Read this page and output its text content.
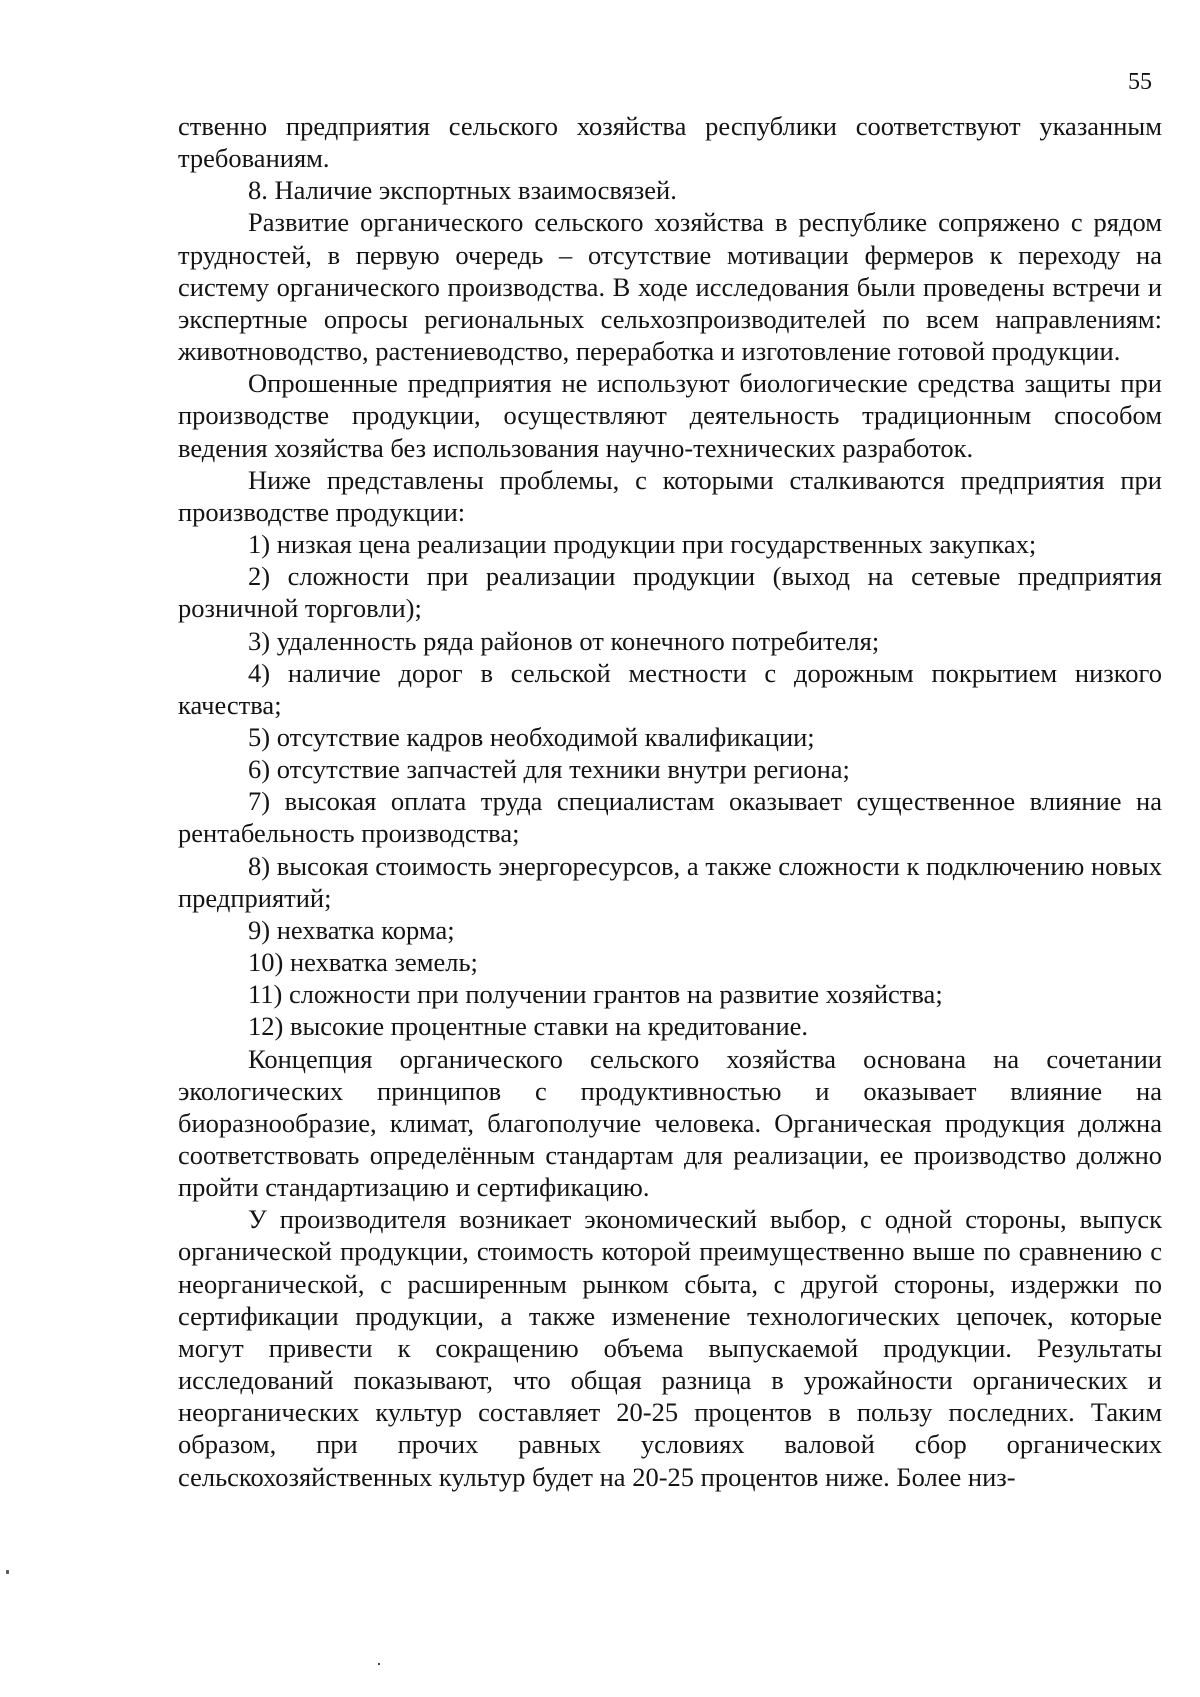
55

ственно предприятия сельского хозяйства республики соответствуют указанным требованиям.

8. Наличие экспортных взаимосвязей.

Развитие органического сельского хозяйства в республике сопряжено с рядом трудностей, в первую очередь – отсутствие мотивации фермеров к переходу на систему органического производства. В ходе исследования были проведены встречи и экспертные опросы региональных сельхозпроизводителей по всем направлениям: животноводство, растениеводство, переработка и изготовление готовой продукции.

Опрошенные предприятия не используют биологические средства защиты при производстве продукции, осуществляют деятельность традиционным способом ведения хозяйства без использования научно-технических разработок.

Ниже представлены проблемы, с которыми сталкиваются предприятия при производстве продукции:

1) низкая цена реализации продукции при государственных закупках;

2) сложности при реализации продукции (выход на сетевые предприятия розничной торговли);

3) удаленность ряда районов от конечного потребителя;

4) наличие дорог в сельской местности с дорожным покрытием низкого качества;

5) отсутствие кадров необходимой квалификации;

6) отсутствие запчастей для техники внутри региона;

7) высокая оплата труда специалистам оказывает существенное влияние на рентабельность производства;

8) высокая стоимость энергоресурсов, а также сложности к подключению новых предприятий;

9) нехватка корма;

10) нехватка земель;

11) сложности при получении грантов на развитие хозяйства;

12) высокие процентные ставки на кредитование.

Концепция органического сельского хозяйства основана на сочетании экологических принципов с продуктивностью и оказывает влияние на биоразнообразие, климат, благополучие человека. Органическая продукция должна соответствовать определённым стандартам для реализации, ее производство должно пройти стандартизацию и сертификацию.

У производителя возникает экономический выбор, с одной стороны, выпуск органической продукции, стоимость которой преимущественно выше по сравнению с неорганической, с расширенным рынком сбыта, с другой стороны, издержки по сертификации продукции, а также изменение технологических цепочек, которые могут привести к сокращению объема выпускаемой продукции. Результаты исследований показывают, что общая разница в урожайности органических и неорганических культур составляет 20-25 процентов в пользу последних. Таким образом, при прочих равных условиях валовой сбор органических сельскохозяйственных культур будет на 20-25 процентов ниже. Более низ-
